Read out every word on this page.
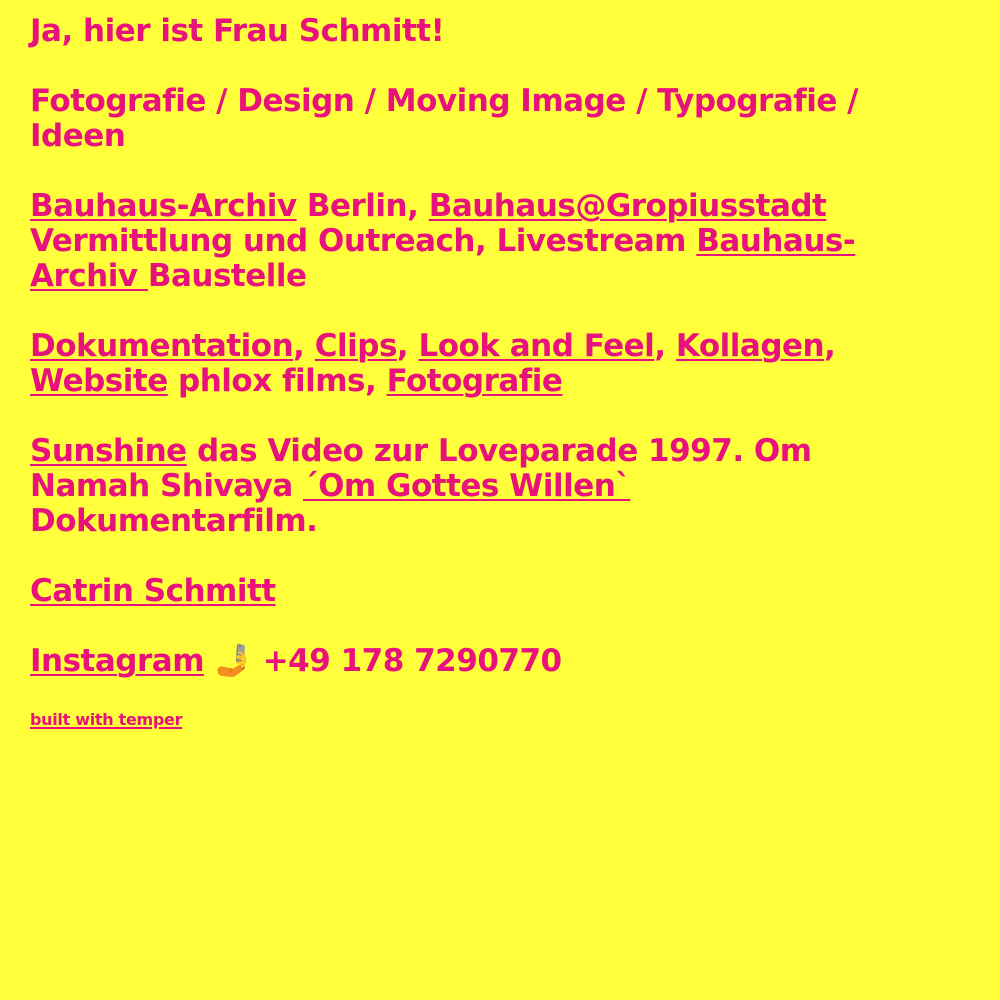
Ja, hier ist Frau Schmitt!

Fotografie / Design / Moving Image / Typografie / Ideen

Bauhaus-Archiv Berlin, Bauhaus@Gropiusstadt Vermittlung und Outreach, Livestream Bauhaus-Archiv Baustelle

Dokumentation, Clips, Look and Feel, Kollagen, Website phlox films, Fotografie

Sunshine das Video zur Loveparade 1997. Om Namah Shivaya ´Om Gottes Willen` Dokumentarfilm.

Catrin Schmitt

Instagram 🤳 +49 178 7290770

built with temper
